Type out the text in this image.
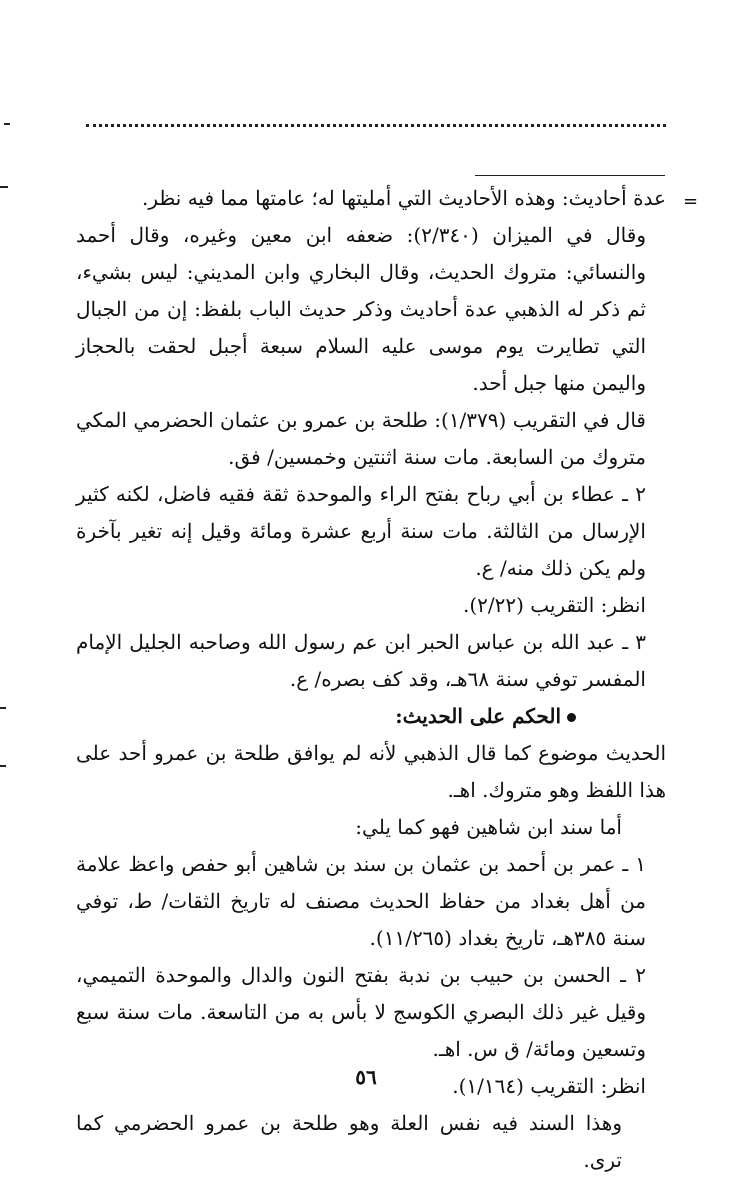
=

عدة أحاديث: وهذه الأحاديث التي أمليتها له؛ عامتها مما فيه نظر.

وقال في الميزان (٢/٣٤٠): ضعفه ابن معين وغيره، وقال أحمد والنسائي: متروك الحديث، وقال البخاري وابن المديني: ليس بشيء، ثم ذكر له الذهبي عدة أحاديث وذكر حديث الباب بلفظ: إن من الجبال التي تطايرت يوم موسى عليه السلام سبعة أجبل لحقت بالحجاز واليمن منها جبل أحد.

قال في التقريب (١/٣٧٩): طلحة بن عمرو بن عثمان الحضرمي المكي متروك من السابعة. مات سنة اثنتين وخمسين/ فق.

٢ ـ عطاء بن أبي رباح بفتح الراء والموحدة ثقة فقيه فاضل، لكنه كثير الإرسال من الثالثة. مات سنة أربع عشرة ومائة وقيل إنه تغير بآخرة ولم يكن ذلك منه/ ع.

انظر: التقريب (٢/٢٢).

٣ ـ عبد الله بن عباس الحبر ابن عم رسول الله وصاحبه الجليل الإمام المفسر توفي سنة ٦٨هـ، وقد كف بصره/ ع.

الحكم على الحديث:

الحديث موضوع كما قال الذهبي لأنه لم يوافق طلحة بن عمرو أحد على هذا اللفظ وهو متروك. اهـ.

أما سند ابن شاهين فهو كما يلي:

١ ـ عمر بن أحمد بن عثمان بن سند بن شاهين أبو حفص واعظ علامة من أهل بغداد من حفاظ الحديث مصنف له تاريخ الثقات/ ط، توفي سنة ٣٨٥هـ، تاريخ بغداد (١١/٢٦٥).

٢ ـ الحسن بن حبيب بن ندبة بفتح النون والدال والموحدة التميمي، وقيل غير ذلك البصري الكوسج لا بأس به من التاسعة. مات سنة سبع وتسعين ومائة/ ق س. اهـ.

انظر: التقريب (١/١٦٤).

وهذا السند فيه نفس العلة وهو طلحة بن عمرو الحضرمي كما ترى.

٥٦
